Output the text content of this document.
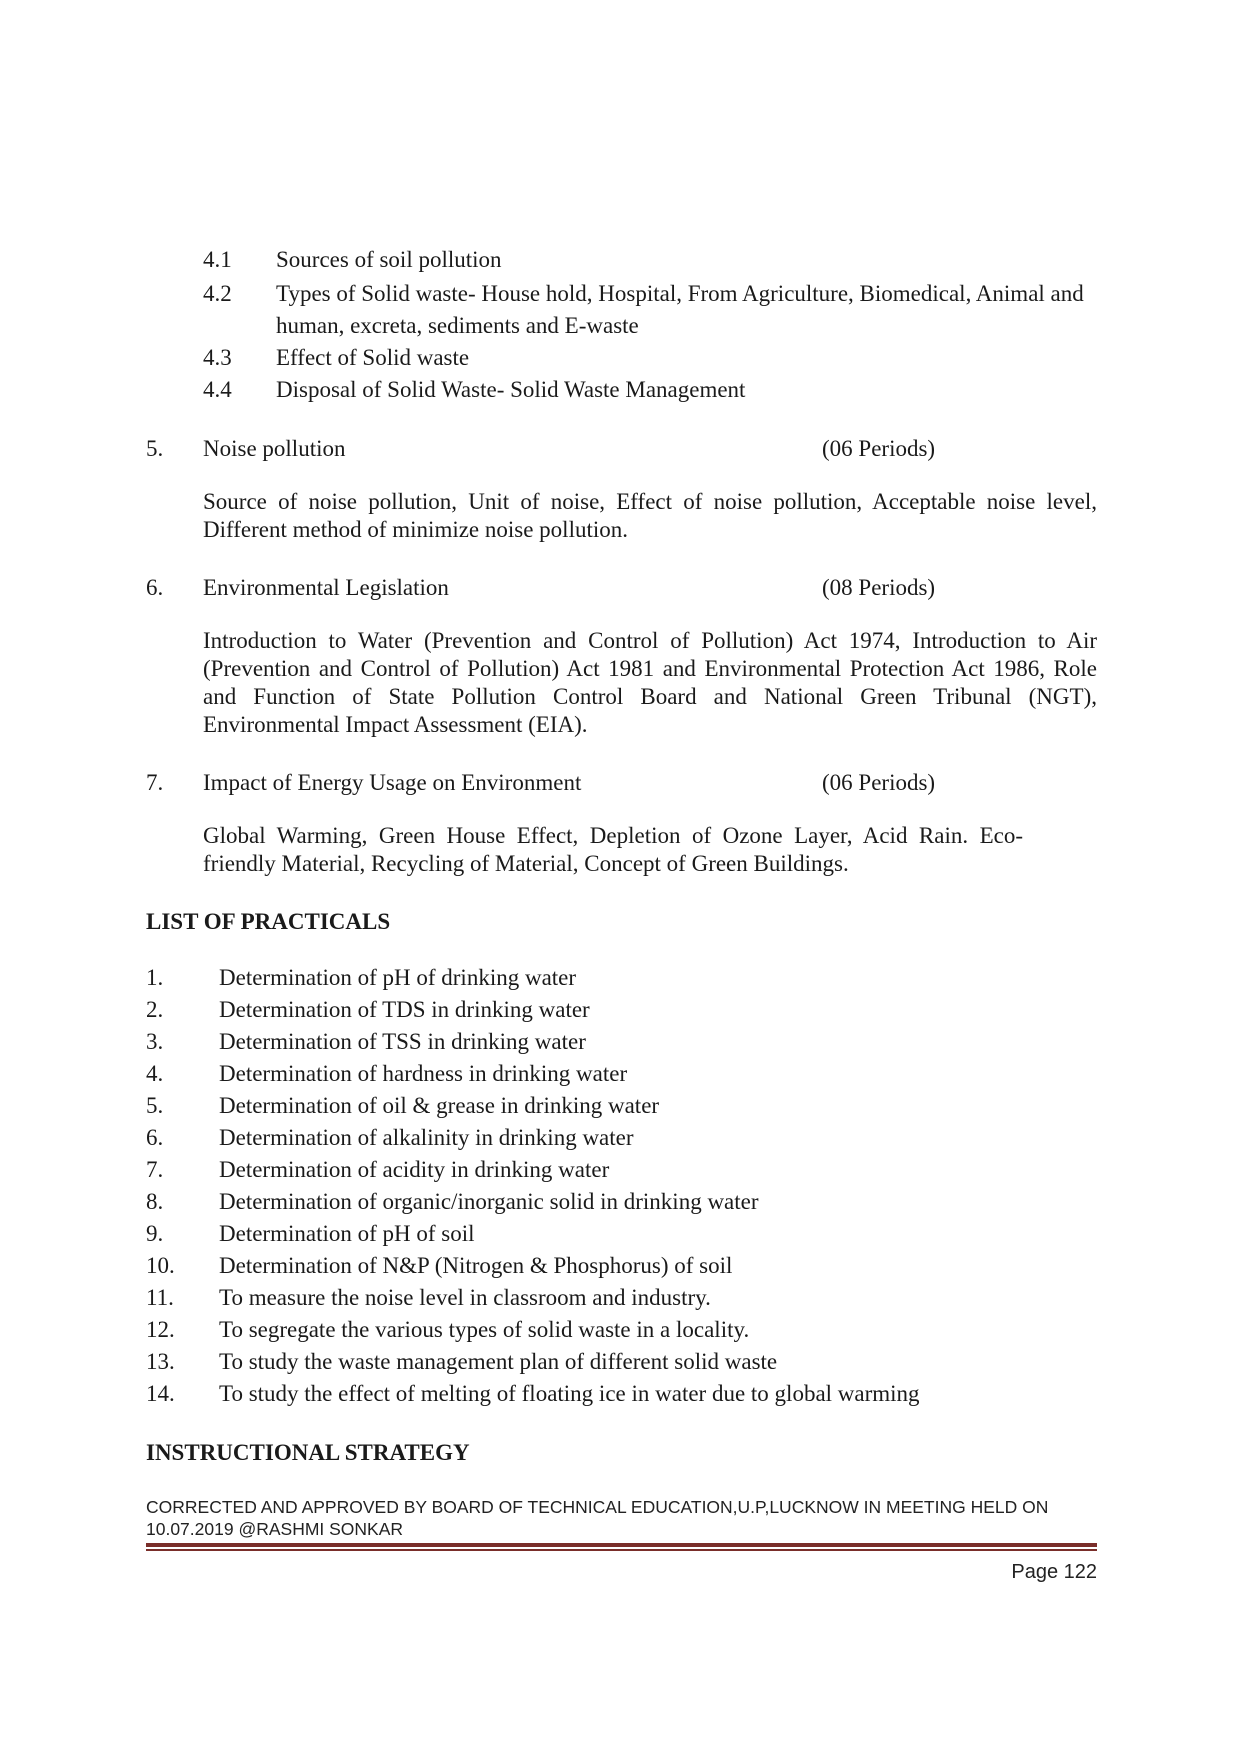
4.1 Sources of soil pollution
4.2 Types of Solid waste- House hold, Hospital, From Agriculture, Biomedical, Animal and human, excreta, sediments and E-waste
4.3 Effect of Solid waste
4.4 Disposal of Solid Waste- Solid Waste Management
5. Noise pollution	(06 Periods)
Source of noise pollution, Unit of noise, Effect of noise pollution, Acceptable noise level, Different method of minimize noise pollution.
6. Environmental Legislation	(08 Periods)
Introduction to Water (Prevention and Control of Pollution) Act 1974, Introduction to Air (Prevention and Control of Pollution) Act 1981 and Environmental Protection Act 1986, Role and Function of State Pollution Control Board and National Green Tribunal (NGT), Environmental Impact Assessment (EIA).
7. Impact of Energy Usage on Environment	(06 Periods)
Global Warming, Green House Effect, Depletion of Ozone Layer, Acid Rain. Eco-friendly Material, Recycling of Material, Concept of Green Buildings.
LIST OF PRACTICALS
1. Determination of pH of drinking water
2. Determination of TDS in drinking water
3. Determination of TSS in drinking water
4. Determination of hardness in drinking water
5. Determination of oil & grease in drinking water
6. Determination of alkalinity in drinking water
7. Determination of acidity in drinking water
8. Determination of organic/inorganic solid in drinking water
9. Determination of pH of soil
10. Determination of N&P (Nitrogen & Phosphorus) of soil
11. To measure the noise level in classroom and industry.
12. To segregate the various types of solid waste in a locality.
13. To study the waste management plan of different solid waste
14. To study the effect of melting of floating ice in water due to global warming
INSTRUCTIONAL STRATEGY
CORRECTED AND APPROVED BY BOARD OF TECHNICAL EDUCATION,U.P,LUCKNOW IN MEETING HELD ON 10.07.2019 @RASHMI SONKAR
Page 122
